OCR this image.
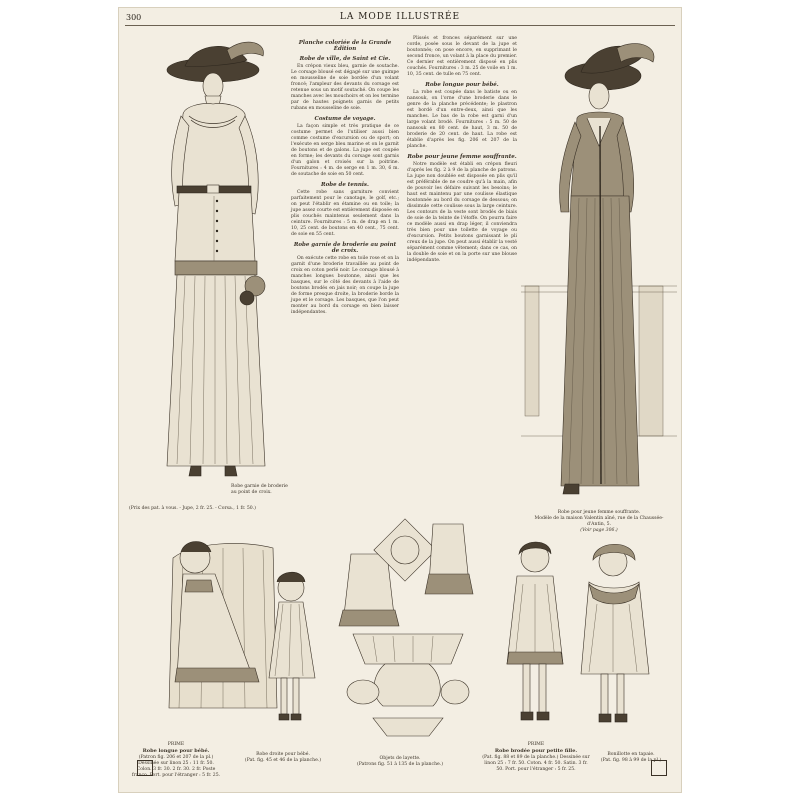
300	LA MODE ILLUSTRÉE
Robe garnie de broderie au point de croix.
(Prix des pat. à vous. - Jupe, 2 fr. 25. - Corsa., 1 fr. 50.)
Planche coloriée de la Grande Édition
Robe de ville, de Saint et Cie.

En crépon vieux bleu, garnie de soutache. Le corsage blousé est dégagé sur une guimpe en mousseline de soie bordée d'un volant froncé; l'ampleur des devants du corsage est retenue sous un motif soutaché. On coupe les manches avec les mouchoirs et on les termine par de hautes poignets garnis de petits rubans en mousseline de soie.

Costume de voyage.

La façon simple et très pratique de ce costume permet de l'utiliser aussi bien comme costume d'excursion ou de sport; on l'exécute en serge bleu marine et on le garnit de boutons et de galons. La jupe est coupée en forme; les devants du corsage sont garnis d'un galon et croisés sur la poitrine. Fournitures : 4 m. de serge en 1 m. 30, 6 m. de soutache de soie en 50 cent.

Robe de tennis.

Cette robe sans garniture convient parfaitement pour le canotage, le golf, etc.; on peut l'établir en étamine ou en toile; la jupe assez courte est entièrement disposée en plis couchés maintenus seulement dans la ceinture. Fournitures : 5 m. de drap en 1 m. 10, 25 cent. de boutons en 40 cent., 75 cent. de soie en 55 cent.

Robe garnie de broderie au point de croix.

On exécute cette robe en toile rose et on la garnit d'une broderie travaillée au point de croix en coton perlé noir. Le corsage blousé à manches longues boutonne, ainsi que les basques, sur le côté des devants à l'aide de boutons brodés en jais noir; on coupe la jupe de forme presque droite, la broderie borde la jupe et le corsage. Les basques, que l'on peut monter au bord du corsage en bien laisser indépendantes.

Plissés et fronces séparément sur une corde, posée sous le devant de la jupe et boutonnés; on pose encore, en supprimant le second fronce, un volant à la place du premier. Ce dernier est entièrement disposé en plis couchés. Fournitures : 3 m. 25 de voile en 1 m. 10, 35 cent. de tulle en 75 cent.

Robe longue pour bébé.

La robe est coupée dans le batiste ou en nansouk, on l'orne d'une broderie dans le genre de la planche précédente; le plastron est bordé d'un entre-deux, ainsi que les manches. Le bas de la robe est garni d'un large volant brodé. Fournitures : 5 m. 50 de nansouk en 80 cent. de haut, 3 m. 50 de broderie de 20 cent. de haut. La robe est établie d'après les fig. 206 et 207 de la planche.

Robe pour jeune femme souffrante.

Notre modèle est établi en crépon fleuri d'après les fig. 2 à 9 de la planche de patrons. La jupe non doublée est disposée en plis qu'il est préférable de ne coudre qu'à la main, afin de pouvoir les défaire suivant les besoins; le haut est maintenu par une coulisse élastique boutonnée au bord du corsage de dessous; on dissimule cette coulisse sous la large ceinture. Les contours de la veste sont brodés de biais de soie de la teinte de l'étoffe. On pourra faire ce modèle aussi en drap léger, il conviendra très bien pour une toilette de voyage ou d'excursion. Petits boutons garnissant le pli creux de la jupe. On peut aussi établir la vesté séparément comme vêtement; dans ce cas, on la double de soie et on la porte sur une blouse indépendante.

Robe pour jeune femme souffrante.
Modèle de la maison Valentin aîné, rue de la Chaussée-d'Antin, 5.
(Voir page 306.)
PRIME
Robe longue pour bébé.
(Patron fig. 206 et 207 de la pl.) Dessinée sur linon 25 : 11 fr. 50. Colon. 3 fr. 30. 2 fr. 30. 2 fr. Poste franco. Port. pour l'étranger : 5 fr. 25.
Robe droite pour bébé.
(Pat. fig. 45 et 46 de la planche.)	Objets de layette.
(Patrons fig. 51 à 135 de la planche.)
PRIME
Robe brodée pour petite fille.
(Pat. fig. 88 et 89 de la planche.) Dessinée sur linon 25 : 7 fr. 50. Coton. 4 fr. 50. Satin. 3 fr. 50. Port. pour l'étranger : 5 fr. 25.
Bonillotte en tapaie.
(Pat. fig. 98 à 99 de la pl.)
